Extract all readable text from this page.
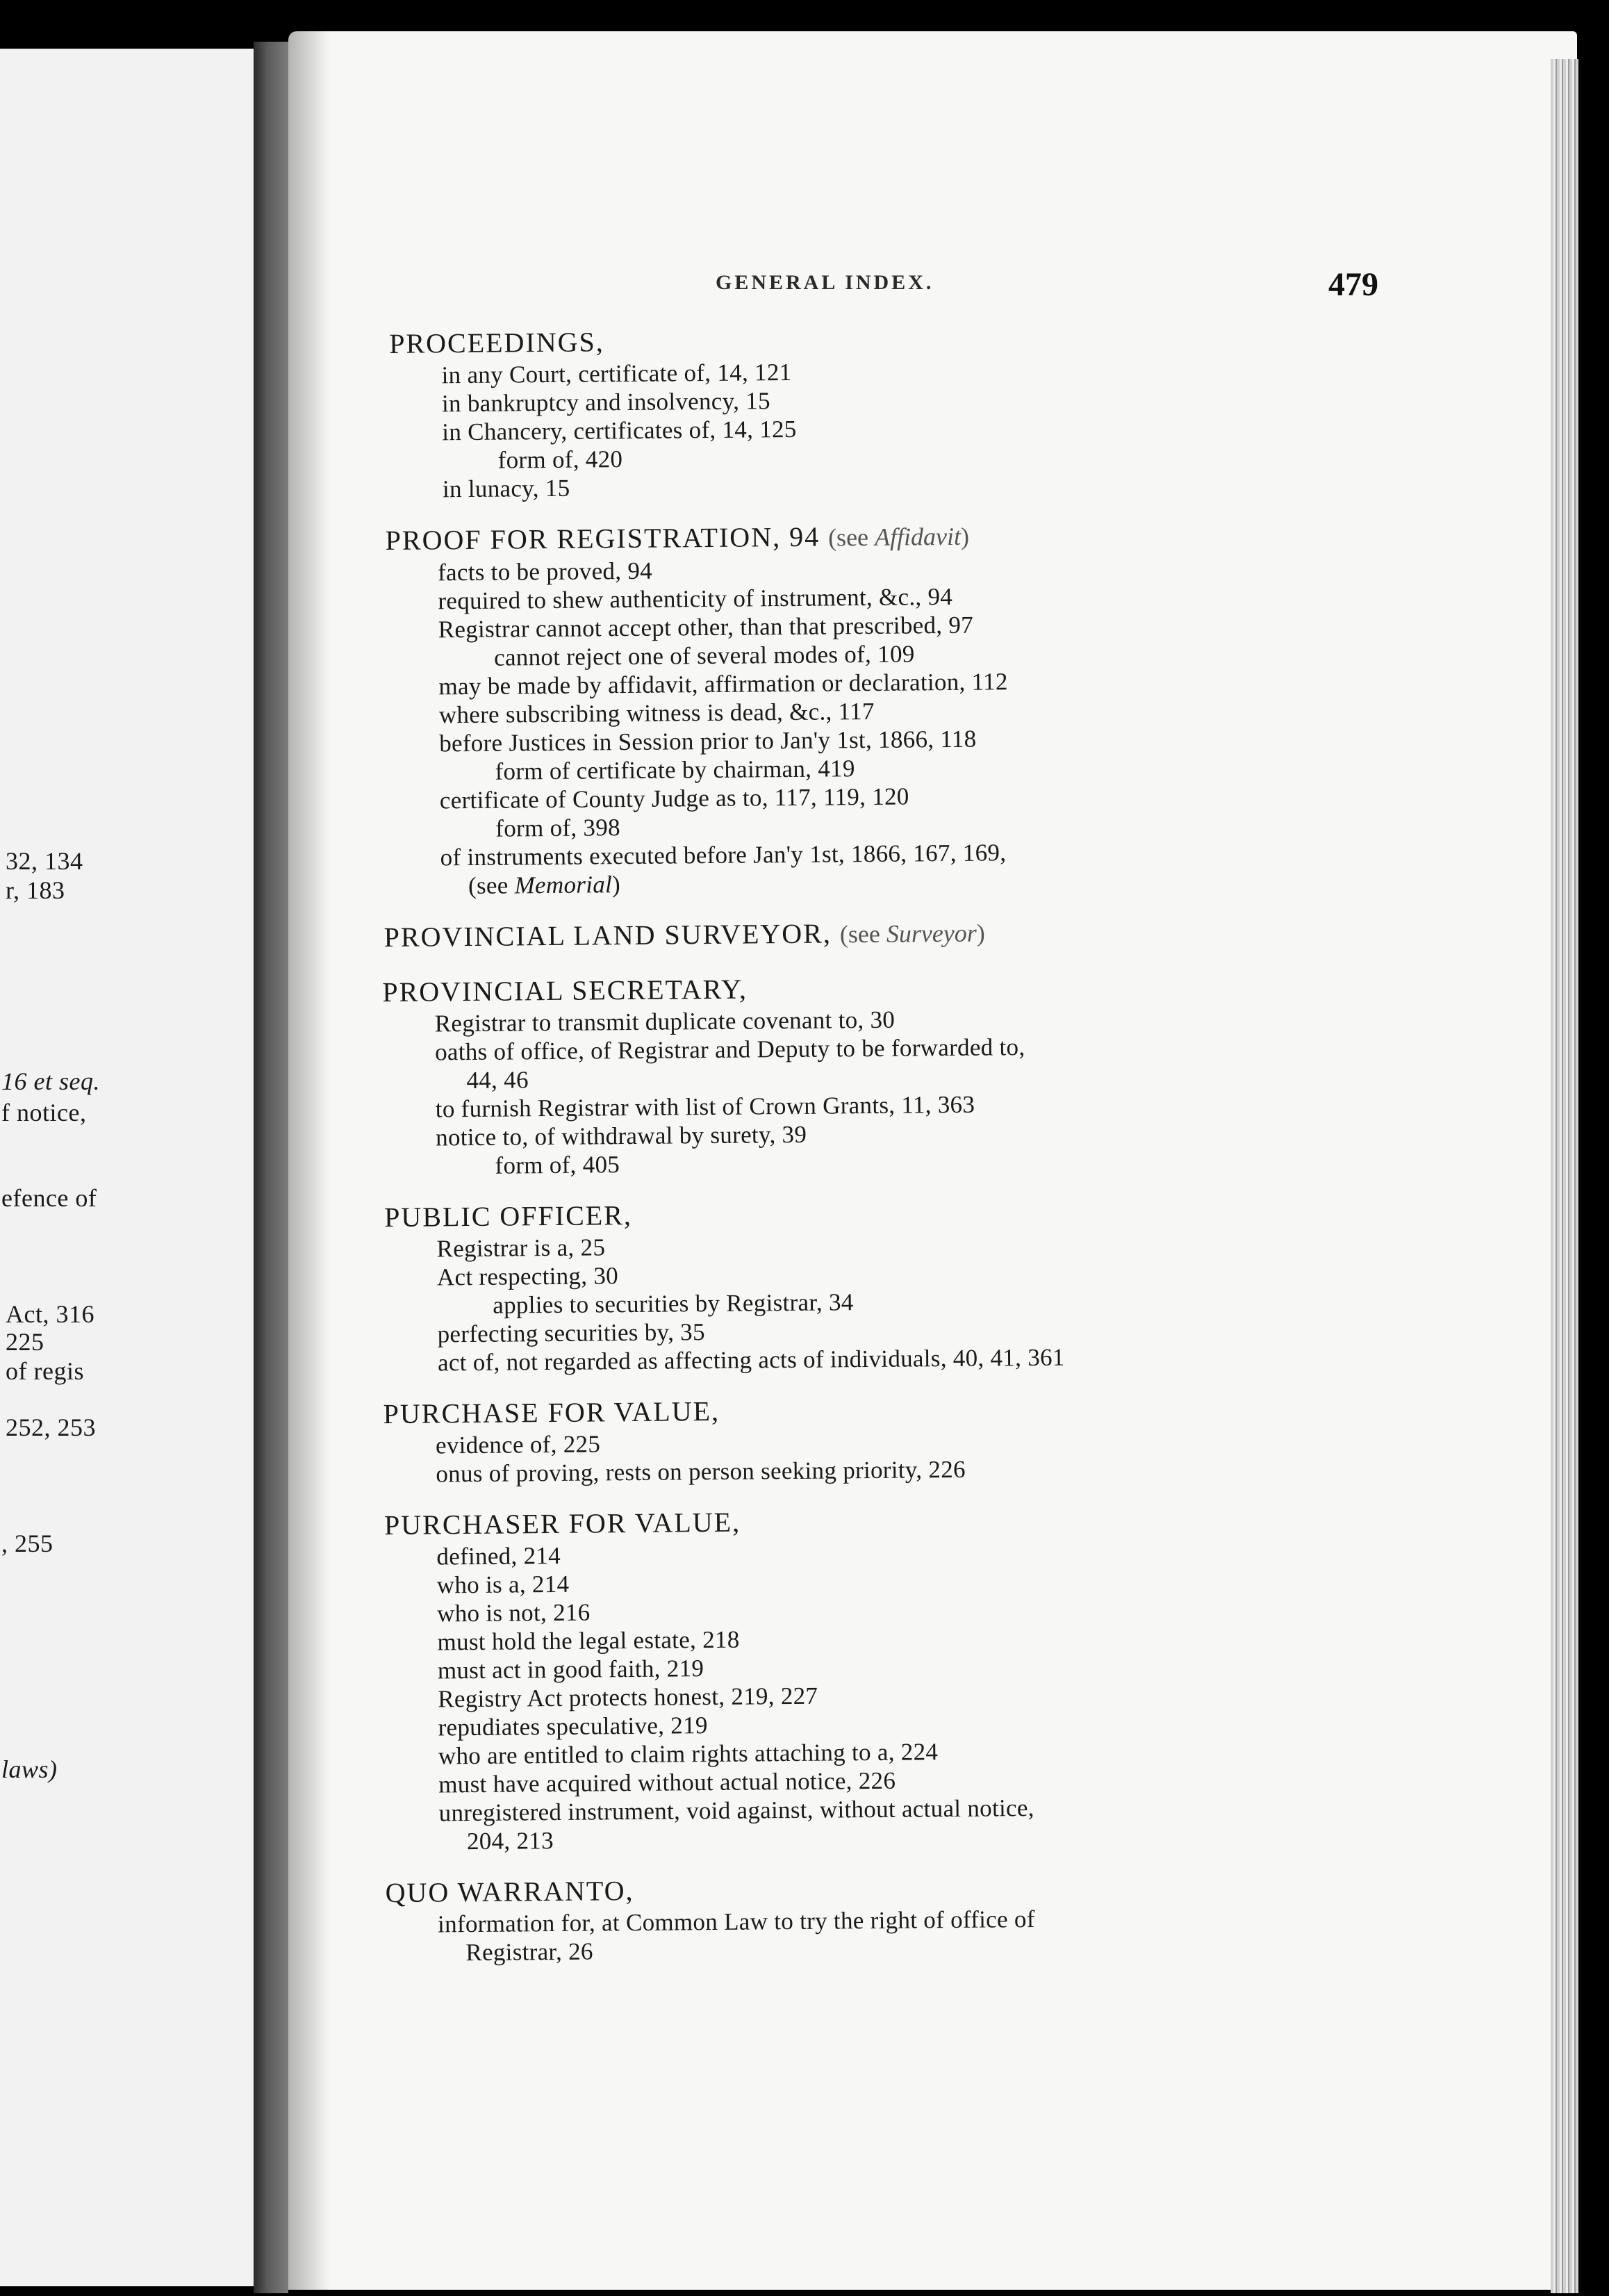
32, 134
r, 183
16 et seq.
f notice,
efence of
Act, 316
225
of regis
252, 253
, 255
laws)
GENERAL INDEX.	479
PROCEEDINGS,
in any Court, certificate of, 14, 121
in bankruptcy and insolvency, 15
in Chancery, certificates of, 14, 125
form of, 420
in lunacy, 15
PROOF FOR REGISTRATION, 94 (see Affidavit)
facts to be proved, 94
required to shew authenticity of instrument, &c., 94
Registrar cannot accept other, than that prescribed, 97
cannot reject one of several modes of, 109
may be made by affidavit, affirmation or declaration, 112
where subscribing witness is dead, &c., 117
before Justices in Session prior to Jan'y 1st, 1866, 118
form of certificate by chairman, 419
certificate of County Judge as to, 117, 119, 120
form of, 398
of instruments executed before Jan'y 1st, 1866, 167, 169,
(see Memorial)
PROVINCIAL LAND SURVEYOR, (see Surveyor)
PROVINCIAL SECRETARY,
Registrar to transmit duplicate covenant to, 30
oaths of office, of Registrar and Deputy to be forwarded to,
44, 46
to furnish Registrar with list of Crown Grants, 11, 363
notice to, of withdrawal by surety, 39
form of, 405
PUBLIC OFFICER,
Registrar is a, 25
Act respecting, 30
applies to securities by Registrar, 34
perfecting securities by, 35
act of, not regarded as affecting acts of individuals, 40, 41, 361
PURCHASE FOR VALUE,
evidence of, 225
onus of proving, rests on person seeking priority, 226
PURCHASER FOR VALUE,
defined, 214
who is a, 214
who is not, 216
must hold the legal estate, 218
must act in good faith, 219
Registry Act protects honest, 219, 227
repudiates speculative, 219
who are entitled to claim rights attaching to a, 224
must have acquired without actual notice, 226
unregistered instrument, void against, without actual notice,
204, 213
QUO WARRANTO,
information for, at Common Law to try the right of office of
Registrar, 26
